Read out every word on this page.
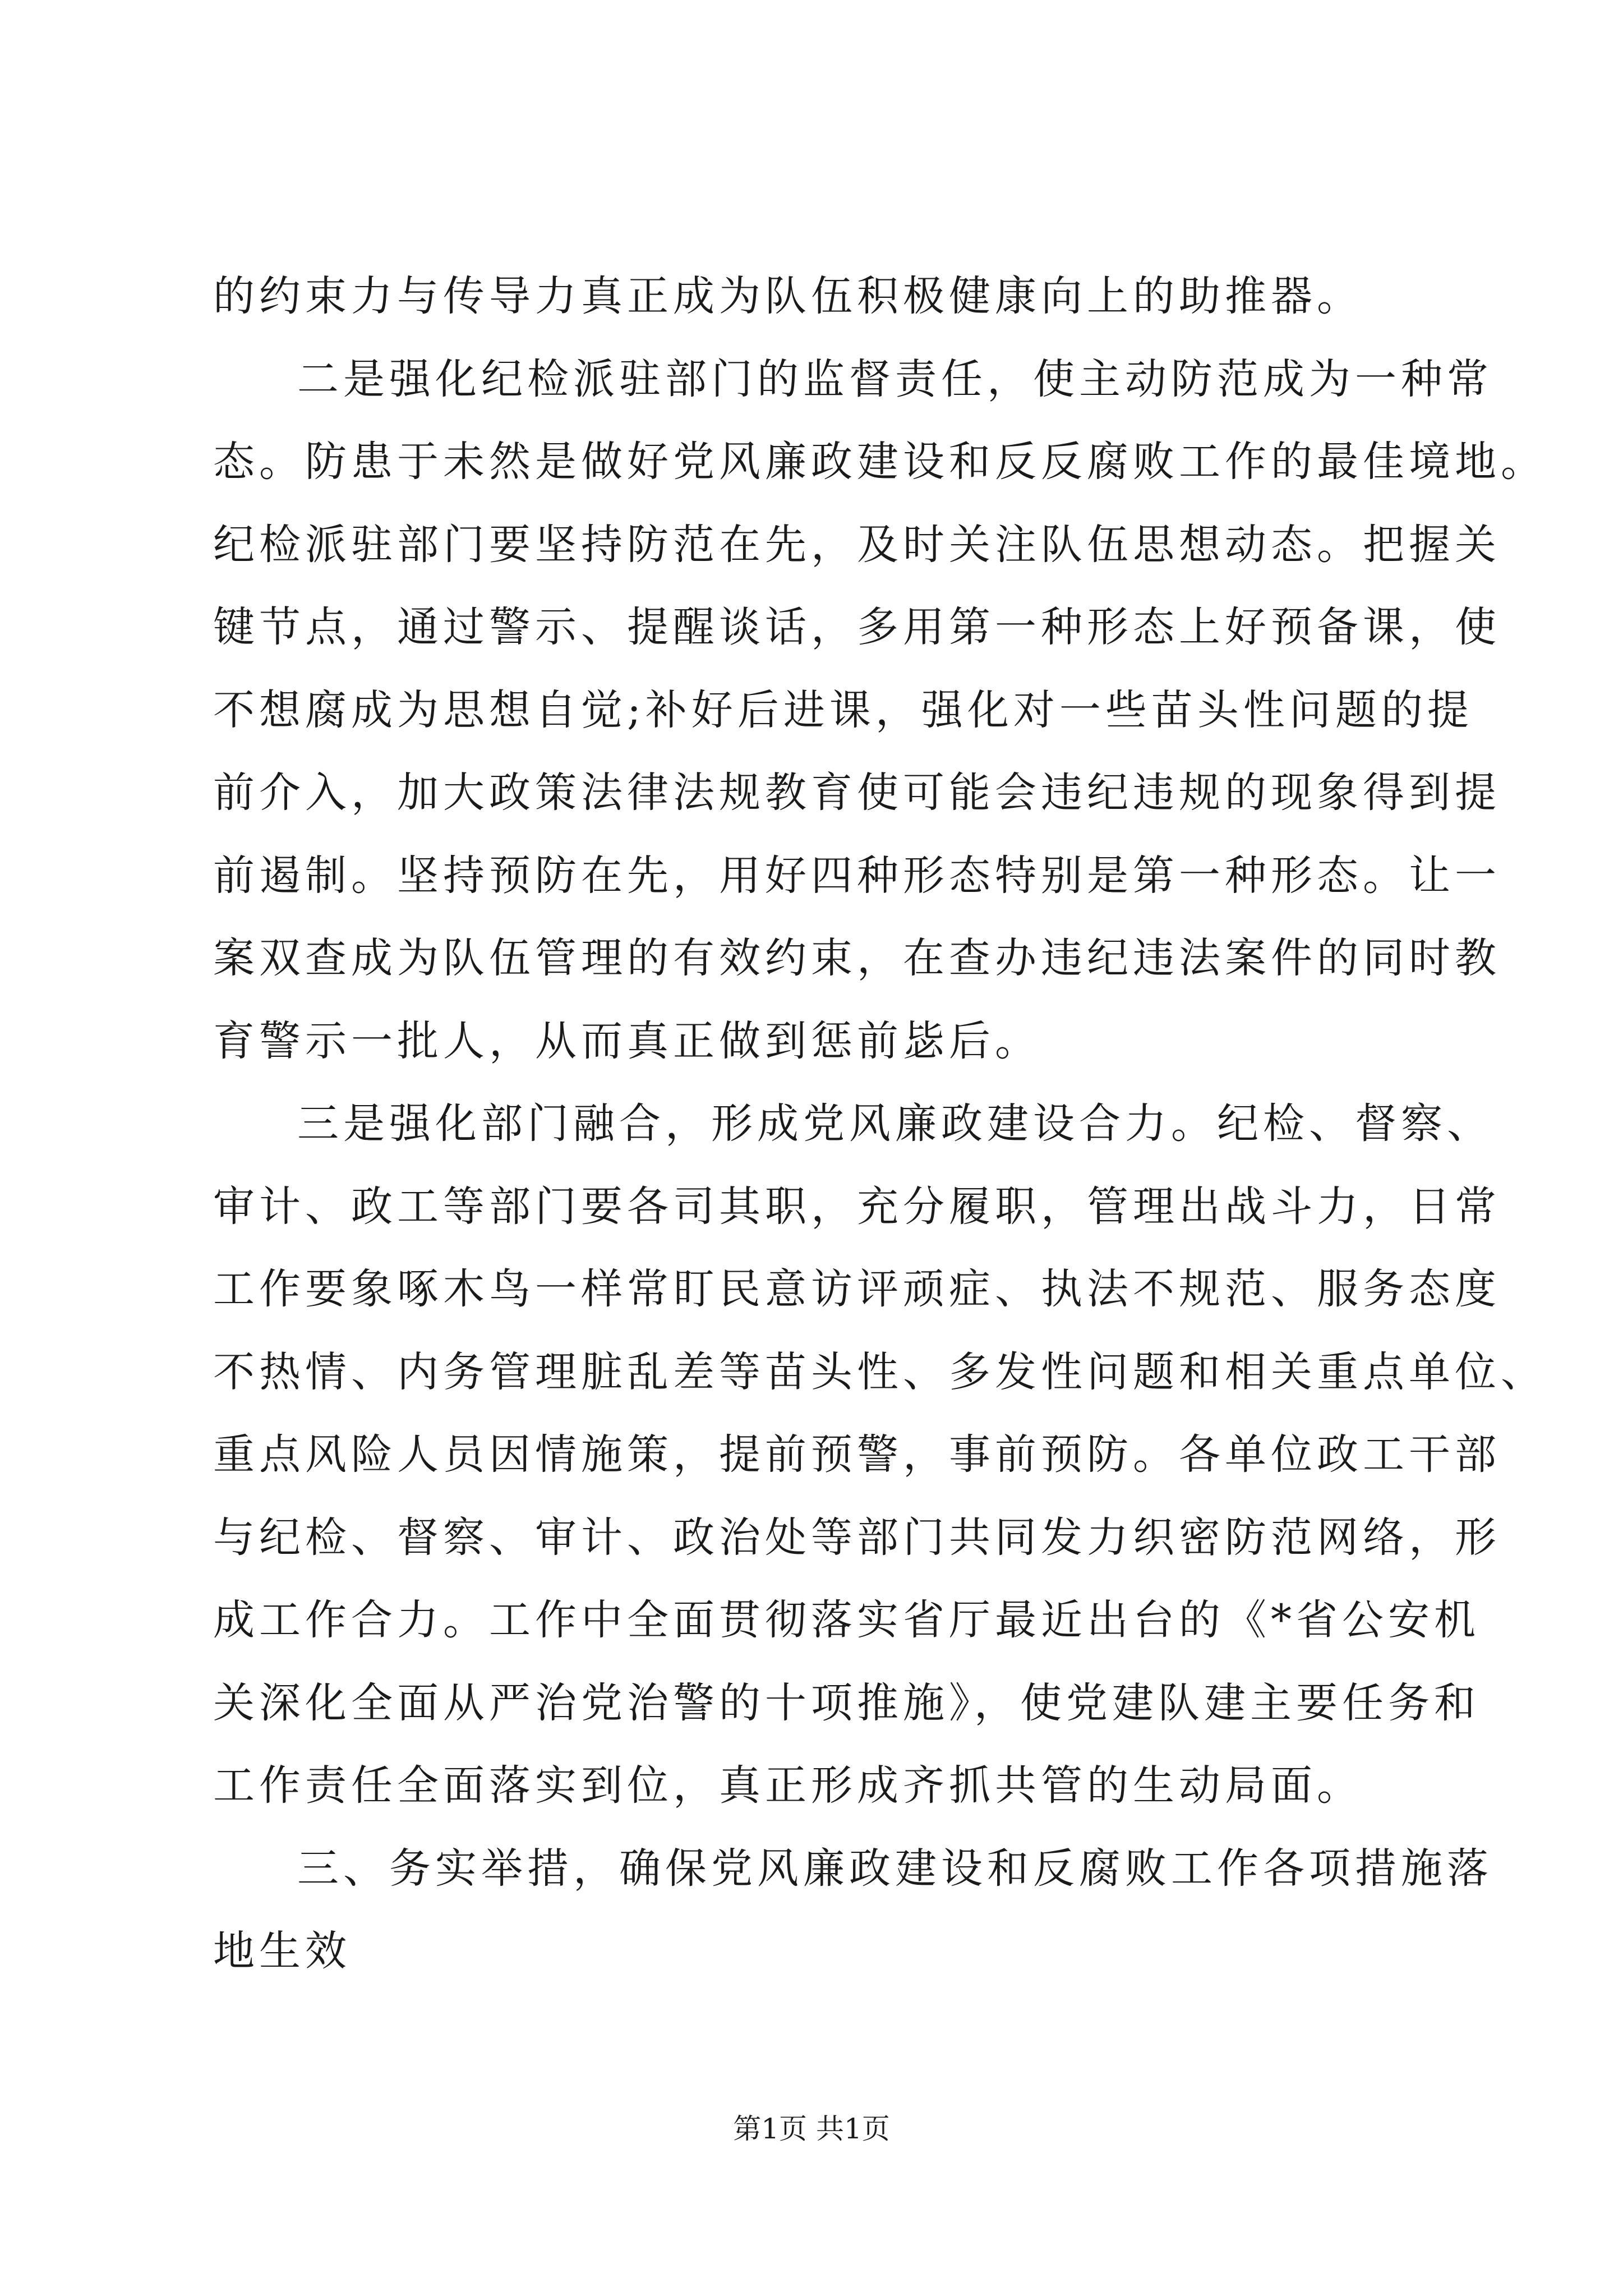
的约束力与传导力真正成为队伍积极健康向上的助推器。
二是强化纪检派驻部门的监督责任，使主动防范成为一种常
态。防患于未然是做好党风廉政建设和反反腐败工作的最佳境地。
纪检派驻部门要坚持防范在先，及时关注队伍思想动态。把握关
键节点，通过警示、提醒谈话，多用第一种形态上好预备课，使
不想腐成为思想自觉;补好后进课，强化对一些苗头性问题的提
前介入，加大政策法律法规教育使可能会违纪违规的现象得到提
前遏制。坚持预防在先，用好四种形态特别是第一种形态。让一
案双查成为队伍管理的有效约束，在查办违纪违法案件的同时教
育警示一批人，从而真正做到惩前毖后。
三是强化部门融合，形成党风廉政建设合力。纪检、督察、
审计、政工等部门要各司其职，充分履职，管理出战斗力，日常
工作要象啄木鸟一样常盯民意访评顽症、执法不规范、服务态度
不热情、内务管理脏乱差等苗头性、多发性问题和相关重点单位、
重点风险人员因情施策，提前预警，事前预防。各单位政工干部
与纪检、督察、审计、政治处等部门共同发力织密防范网络，形
成工作合力。工作中全面贯彻落实省厅最近出台的《*省公安机
关深化全面从严治党治警的十项推施》，使党建队建主要任务和
工作责任全面落实到位，真正形成齐抓共管的生动局面。
三、务实举措，确保党风廉政建设和反腐败工作各项措施落
地生效
第1页 共1页
